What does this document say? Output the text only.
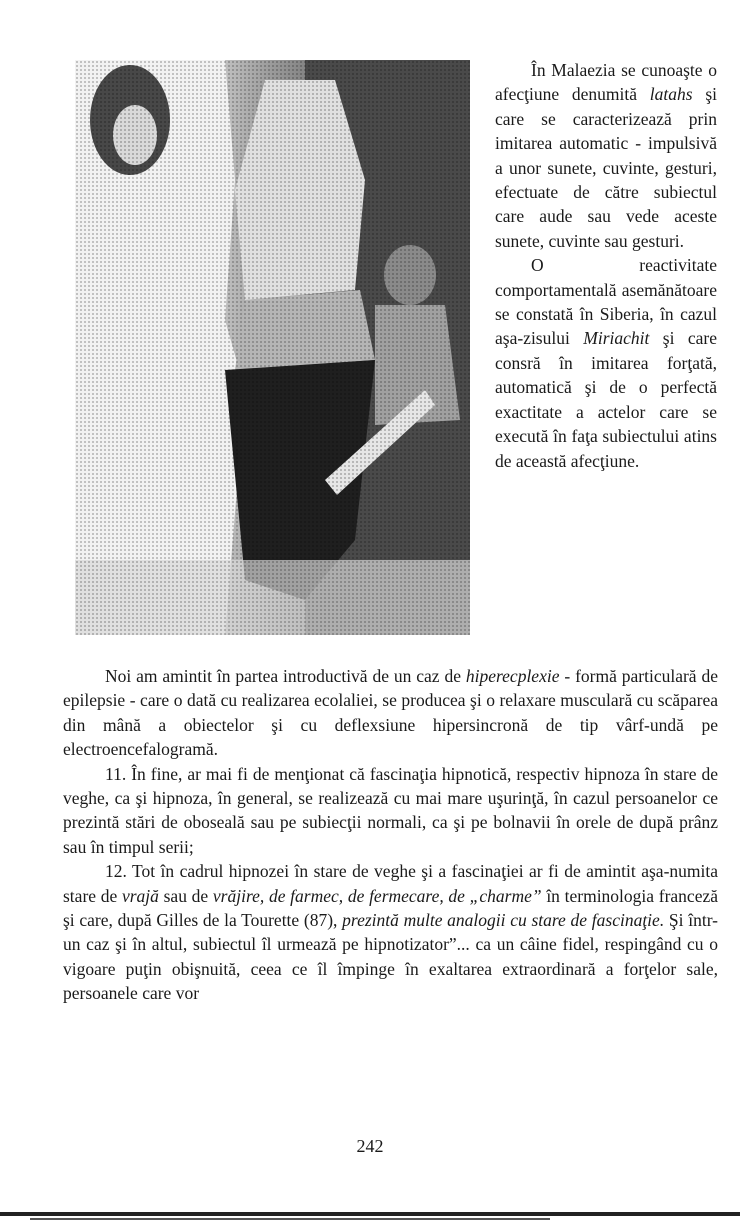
În Malaezia se cunoaşte o afecţiune denumită latahs şi care se caracterizează prin imitarea automatic - impulsivă a unor sunete, cuvinte, gesturi, efectuate de către subiectul care aude sau vede aceste sunete, cuvinte sau gesturi.

O reactivitate comportamentală asemănătoare se constată în Siberia, în cazul aşa-zisului Miriachit şi care consră în imitarea forţată, automatică şi de o perfectă exactitate a actelor care se execută în faţa subiectului atins de această afecţiune.

Noi am amintit în partea introductivă de un caz de hiperecplexie - formă particulară de epilepsie - care o dată cu realizarea ecolaliei, se producea şi o relaxare musculară cu scăparea din mână a obiectelor şi cu deflexsiune hipersincronă de tip vârf-undă pe electroencefalogramă.

11. În fine, ar mai fi de menţionat că fascinaţia hipnotică, respectiv hipnoza în stare de veghe, ca şi hipnoza, în general, se realizează cu mai mare uşurinţă, în cazul persoanelor ce prezintă stări de oboseală sau pe subiecţii normali, ca şi pe bolnavii în orele de după prânz sau în timpul serii;

12. Tot în cadrul hipnozei în stare de veghe şi a fascinaţiei ar fi de amintit aşa-numita stare de vrajă sau de vrăjire, de farmec, de fermecare, de „charme” în terminologia franceză şi care, după Gilles de la Tourette (87), prezintă multe analogii cu stare de fascinaţie. Şi într-un caz şi în altul, subiectul îl urmează pe hipnotizator”... ca un câine fidel, respingând cu o vigoare puţin obişnuită, ceea ce îl împinge în exaltarea extraordinară a forţelor sale, persoanele care vor

242
